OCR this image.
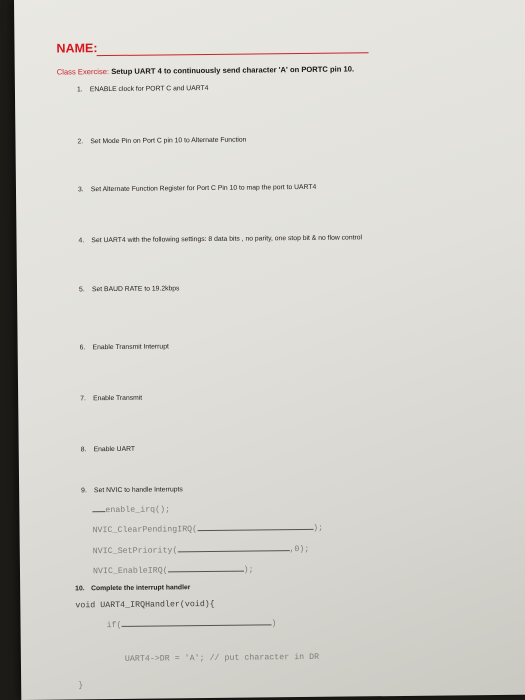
NAME:
Class Exercise: Setup UART 4 to continuously send character 'A' on PORTC pin 10.
1. ENABLE clock for PORT C and UART4
2. Set Mode Pin on Port C pin 10 to Alternate Function
3. Set Alternate Function Register for Port C Pin 10 to map the port to UART4
4. Set UART4 with the following settings: 8 data bits , no parity, one stop bit & no flow control
5. Set BAUD RATE to 19.2kbps
6. Enable Transmit Interrupt
7. Enable Transmit
8. Enable UART
9. Set NVIC to handle Interrupts
enable_irq();
NVIC_ClearPendingIRQ(	);
NVIC_SetPriority(	,0);
NVIC_EnableIRQ(	);
10. Complete the interrupt handler
void UART4_IRQHandler(void){
if(	)
UART4->DR = 'A'; // put character in DR
}
